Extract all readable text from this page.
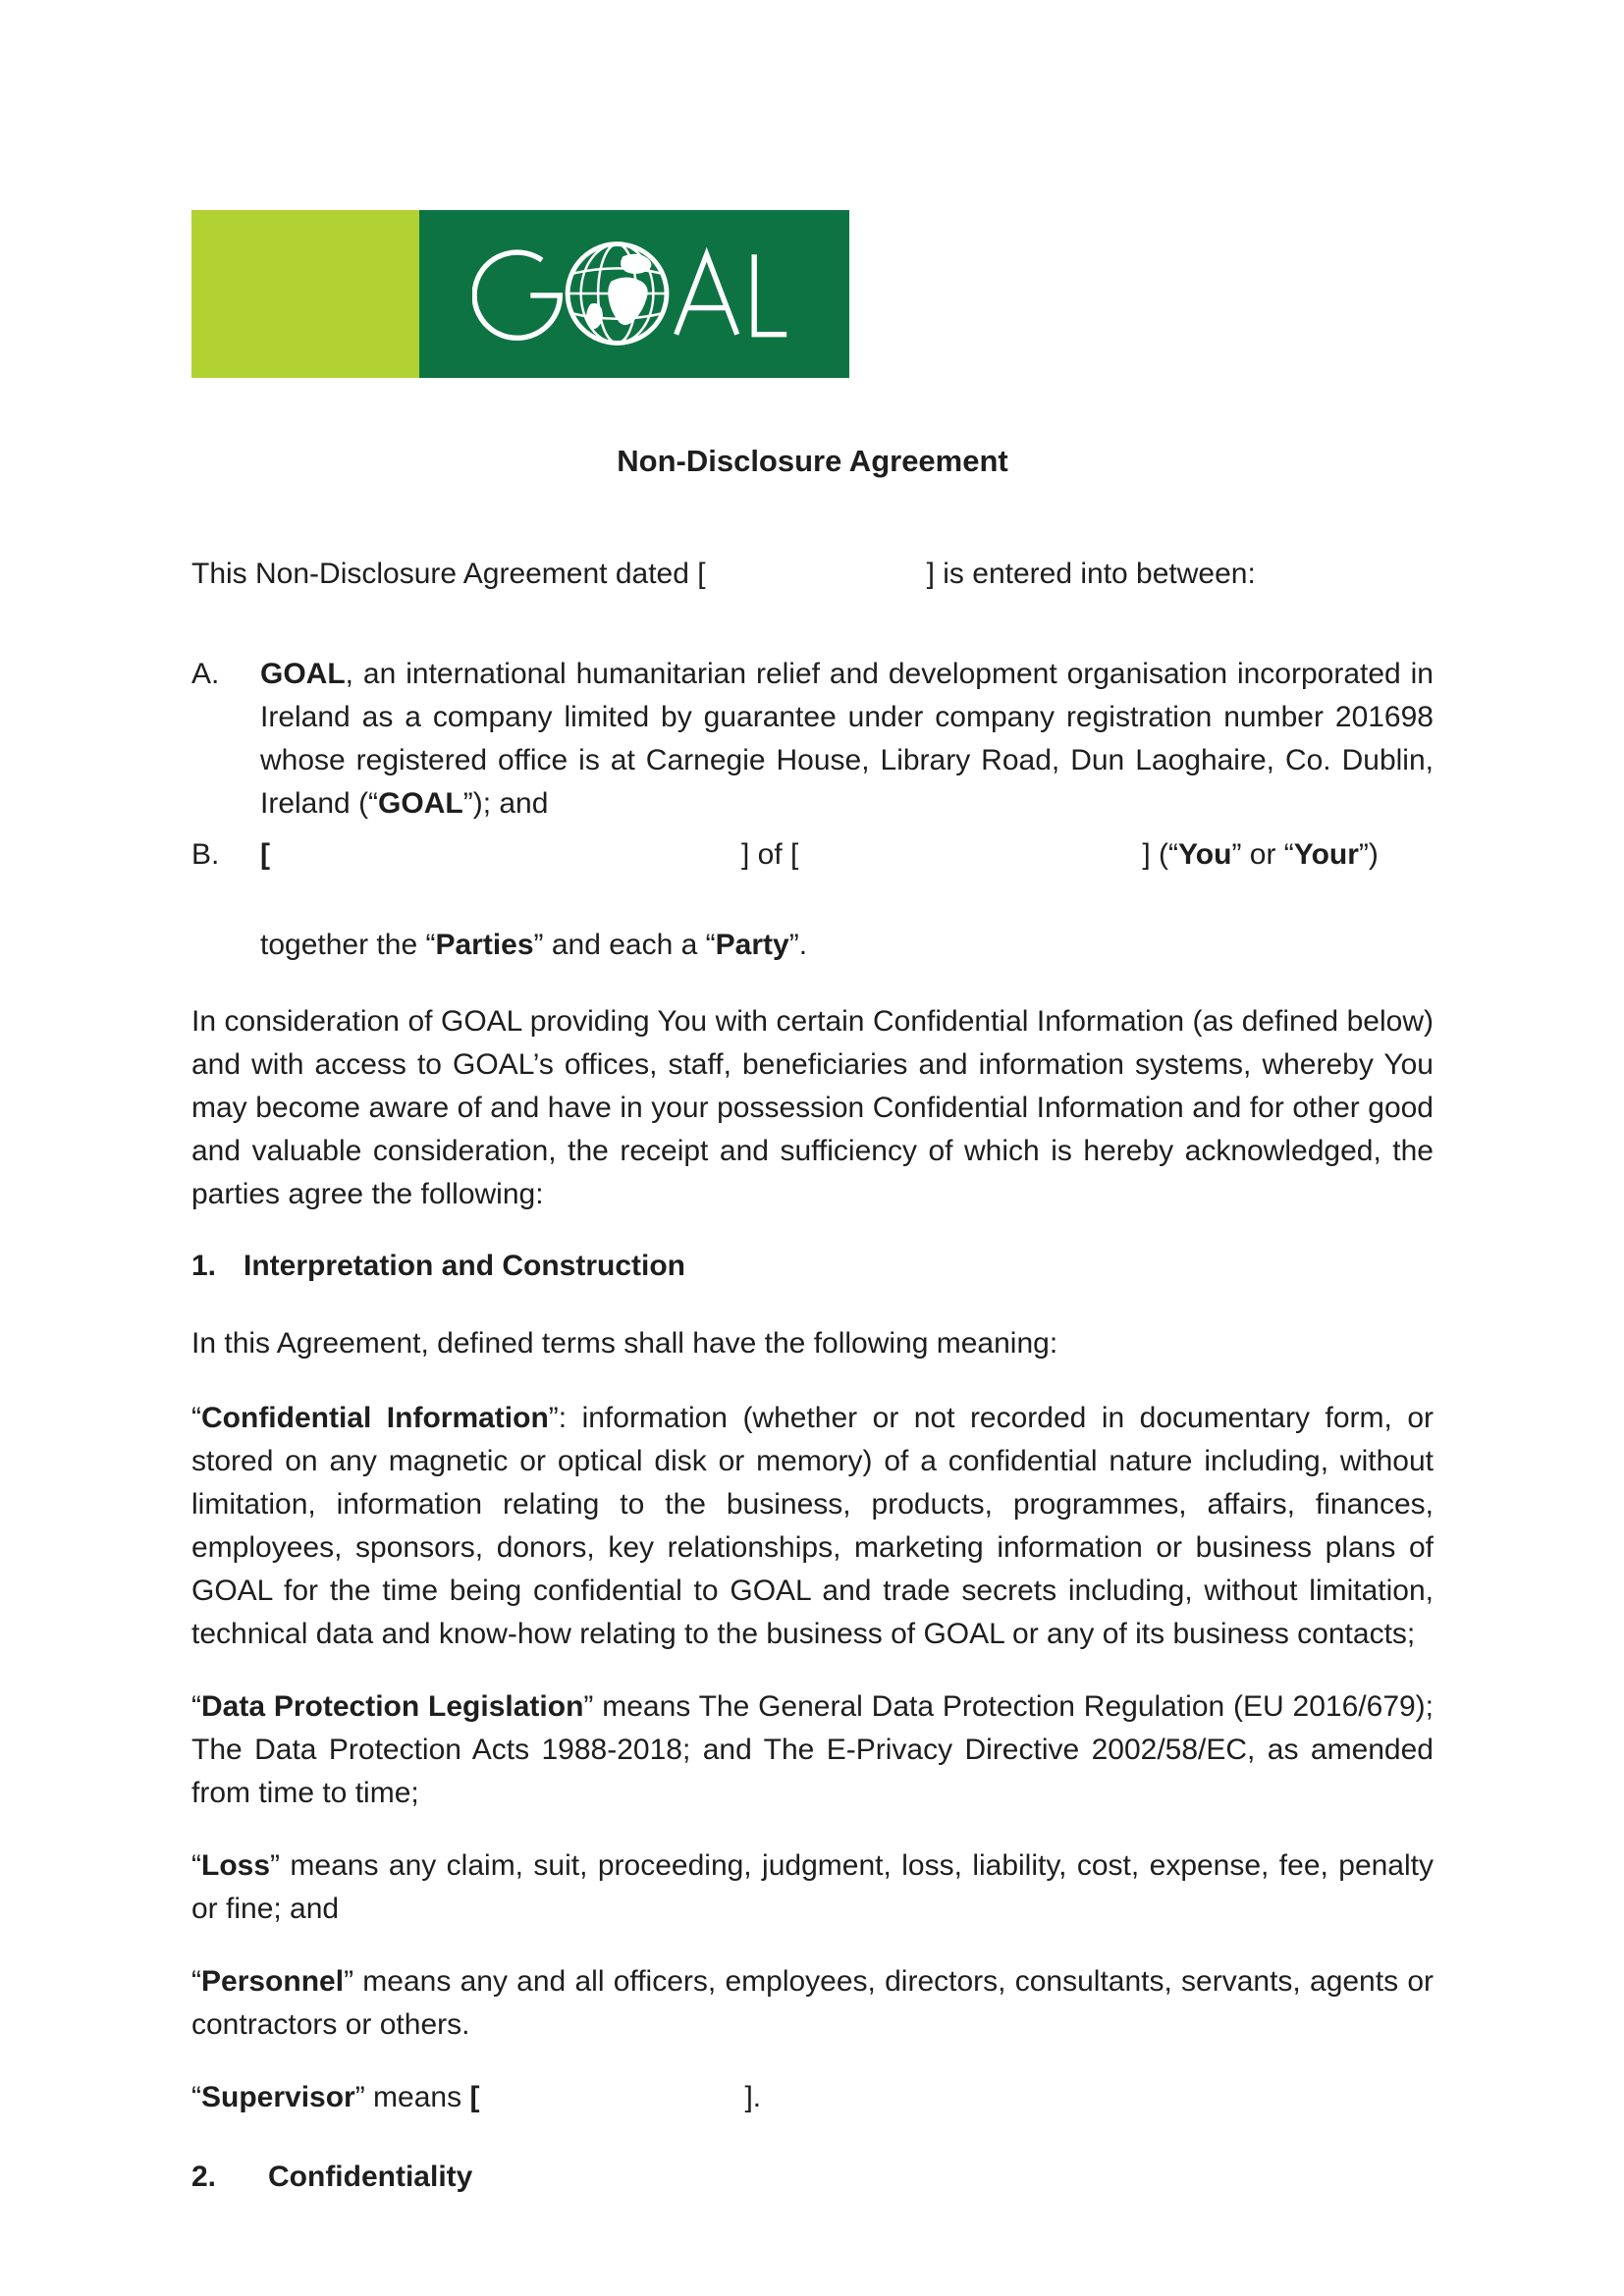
Non-Disclosure Agreement
This Non-Disclosure Agreement dated [	] is entered into between:
A.	GOAL, an international humanitarian relief and development organisation incorporated in Ireland as a company limited by guarantee under company registration number 201698 whose registered office is at Carnegie House, Library Road, Dun Laoghaire, Co. Dublin, Ireland (“GOAL”); and
B.	[	] of [	] (“You” or “Your”)
together the “Parties” and each a “Party”.
In consideration of GOAL providing You with certain Confidential Information (as defined below) and with access to GOAL’s offices, staff, beneficiaries and information systems, whereby You may become aware of and have in your possession Confidential Information and for other good and valuable consideration, the receipt and sufficiency of which is hereby acknowledged, the parties agree the following:
1. Interpretation and Construction
In this Agreement, defined terms shall have the following meaning:
“Confidential Information”: information (whether or not recorded in documentary form, or stored on any magnetic or optical disk or memory) of a confidential nature including, without limitation, information relating to the business, products, programmes, affairs, finances, employees, sponsors, donors, key relationships, marketing information or business plans of GOAL for the time being confidential to GOAL and trade secrets including, without limitation, technical data and know-how relating to the business of GOAL or any of its business contacts;
“Data Protection Legislation” means The General Data Protection Regulation (EU 2016/679); The Data Protection Acts 1988-2018; and The E-Privacy Directive 2002/58/EC, as amended from time to time;
“Loss” means any claim, suit, proceeding, judgment, loss, liability, cost, expense, fee, penalty or fine; and
“Personnel” means any and all officers, employees, directors, consultants, servants, agents or contractors or others.
“Supervisor” means [	].
2.	Confidentiality
